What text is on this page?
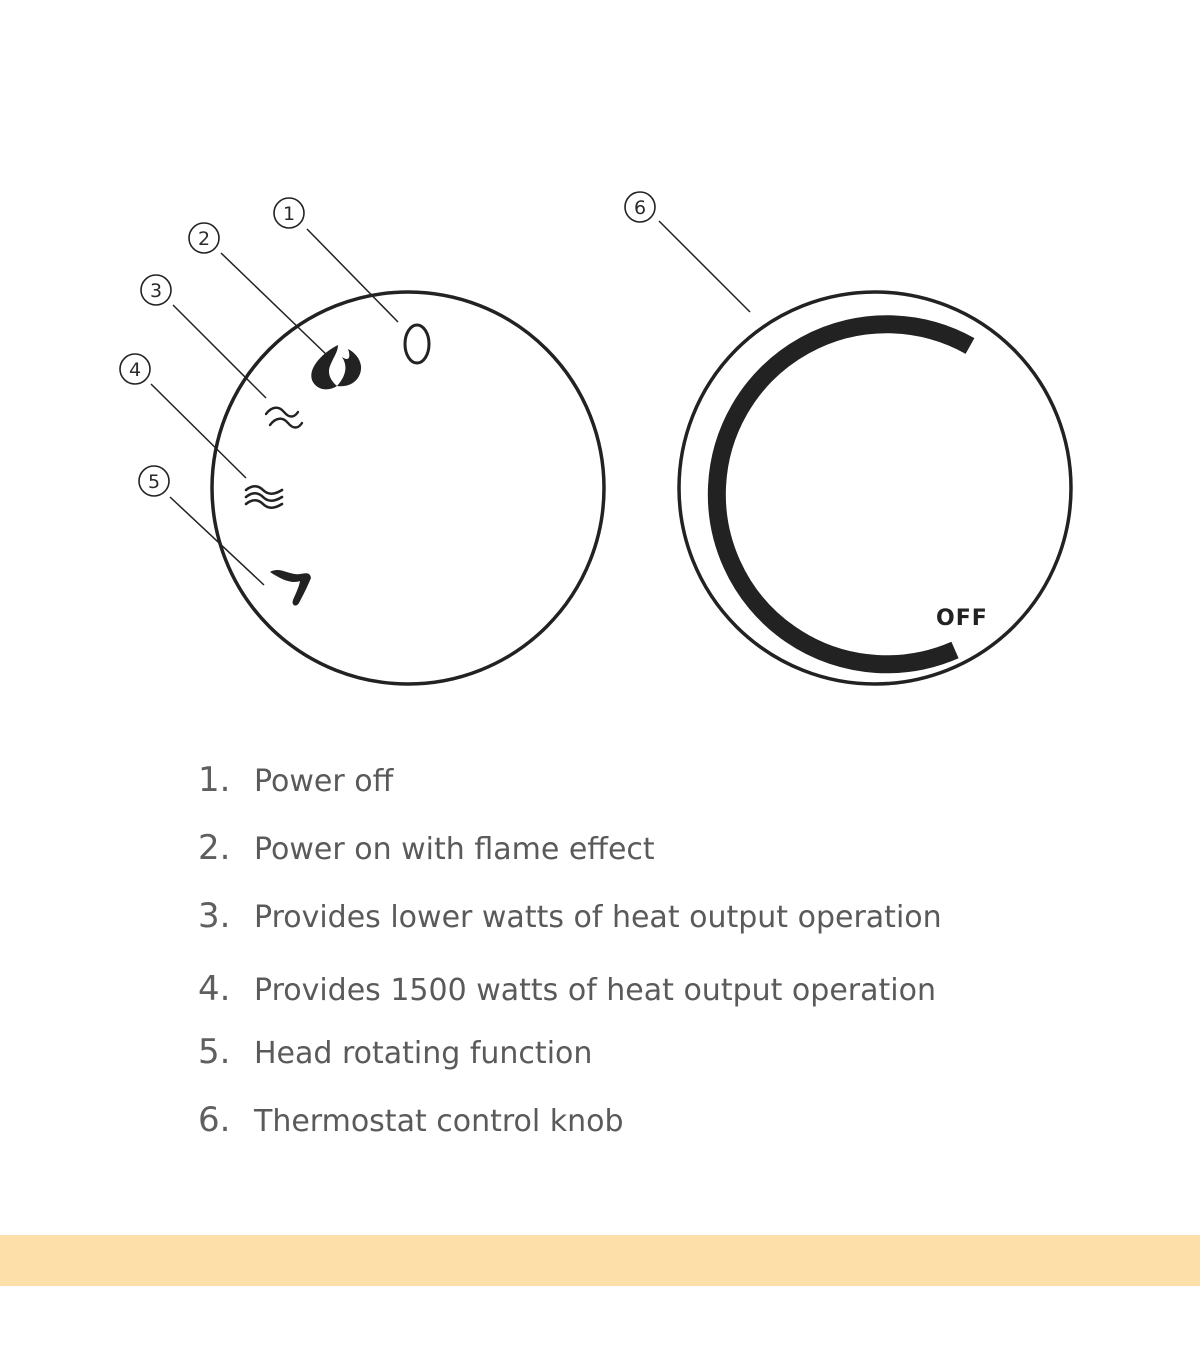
OFF
1
2
3
4
5
6
1. Power off
2. Power on with flame effect
3. Provides lower watts of heat output operation
4. Provides 1500 watts of heat output operation
5. Head rotating function
6. Thermostat control knob
